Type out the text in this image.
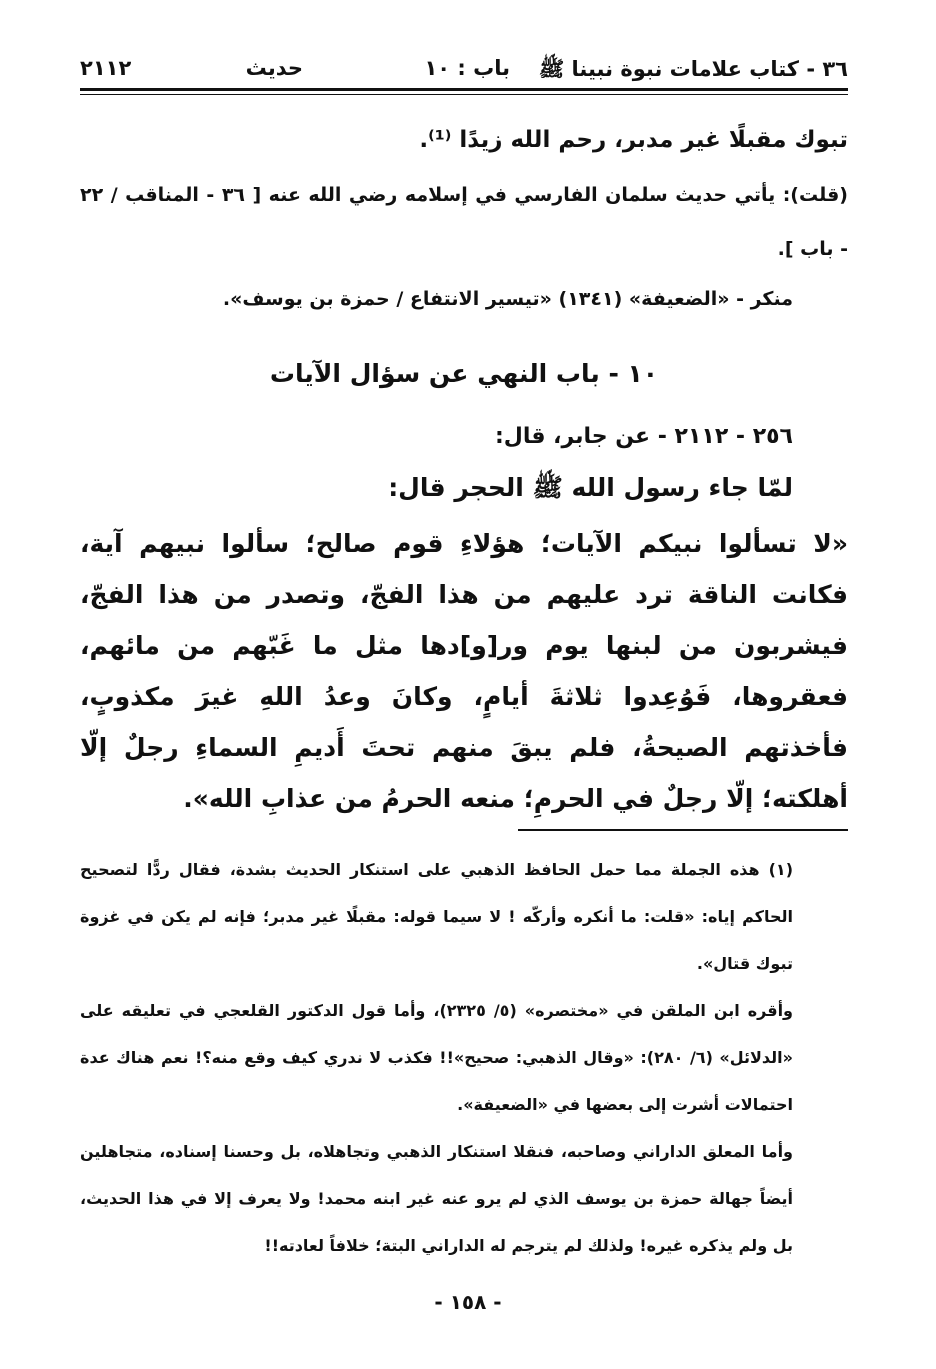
٣٦ - كتاب علامات نبوة نبينا ﷺ
باب : ١٠
حديث
٢١١٢

تبوك مقبلًا غير مدبر، رحم الله زيدًا ⁽¹⁾.

(قلت): يأتي حديث سلمان الفارسي في إسلامه رضي الله عنه [ ٣٦ - المناقب / ٢٢ - باب ].

منكر - «الضعيفة» (١٣٤١) «تيسير الانتفاع / حمزة بن يوسف».

١٠ - باب النهي عن سؤال الآيات

٢٥٦ - ٢١١٢ - عن جابر، قال:

لمّا جاء رسول الله ﷺ الحجر قال:

«لا تسألوا نبيكم الآيات؛ هؤلاءِ قوم صالح؛ سألوا نبيهم آية، فكانت الناقة ترد عليهم من هذا الفجّ، وتصدر من هذا الفجّ، فيشربون من لبنها يوم ور[و]دها مثل ما غَبّهم من مائهم، فعقروها، فَوُعِدوا ثلاثةَ أيامٍ، وكانَ وعدُ اللهِ غيرَ مكذوبٍ، فأخذتهم الصيحةُ، فلم يبقَ منهم تحتَ أَديمِ السماءِ رجلٌ إلّا أهلكته؛ إلّا رجلٌ في الحرمِ؛ منعه الحرمُ من عذابِ الله».

(١) هذه الجملة مما حمل الحافظ الذهبي على استنكار الحديث بشدة، فقال ردًّا لتصحيح الحاكم إياه: «قلت: ما أنكره وأركّه ! لا سيما قوله: مقبلًا غير مدبر؛ فإنه لم يكن في غزوة تبوك قتال».

وأقره ابن الملقن في «مختصره» (٥/ ٢٣٢٥)، وأما قول الدكتور القلعجي في تعليقه على «الدلائل» (٦/ ٢٨٠): «وقال الذهبي: صحيح»!! فكذب لا ندري كيف وقع منه؟! نعم هناك عدة احتمالات أشرت إلى بعضها في «الضعيفة».

وأما المعلق الداراني وصاحبه، فنقلا استنكار الذهبي وتجاهلاه، بل وحسنا إسناده، متجاهلين أيضاً جهالة حمزة بن يوسف الذي لم يرو عنه غير ابنه محمد! ولا يعرف إلا في هذا الحديث، بل ولم يذكره غيره! ولذلك لم يترجم له الداراني البتة؛ خلافاً لعادته!!

- ١٥٨ -
